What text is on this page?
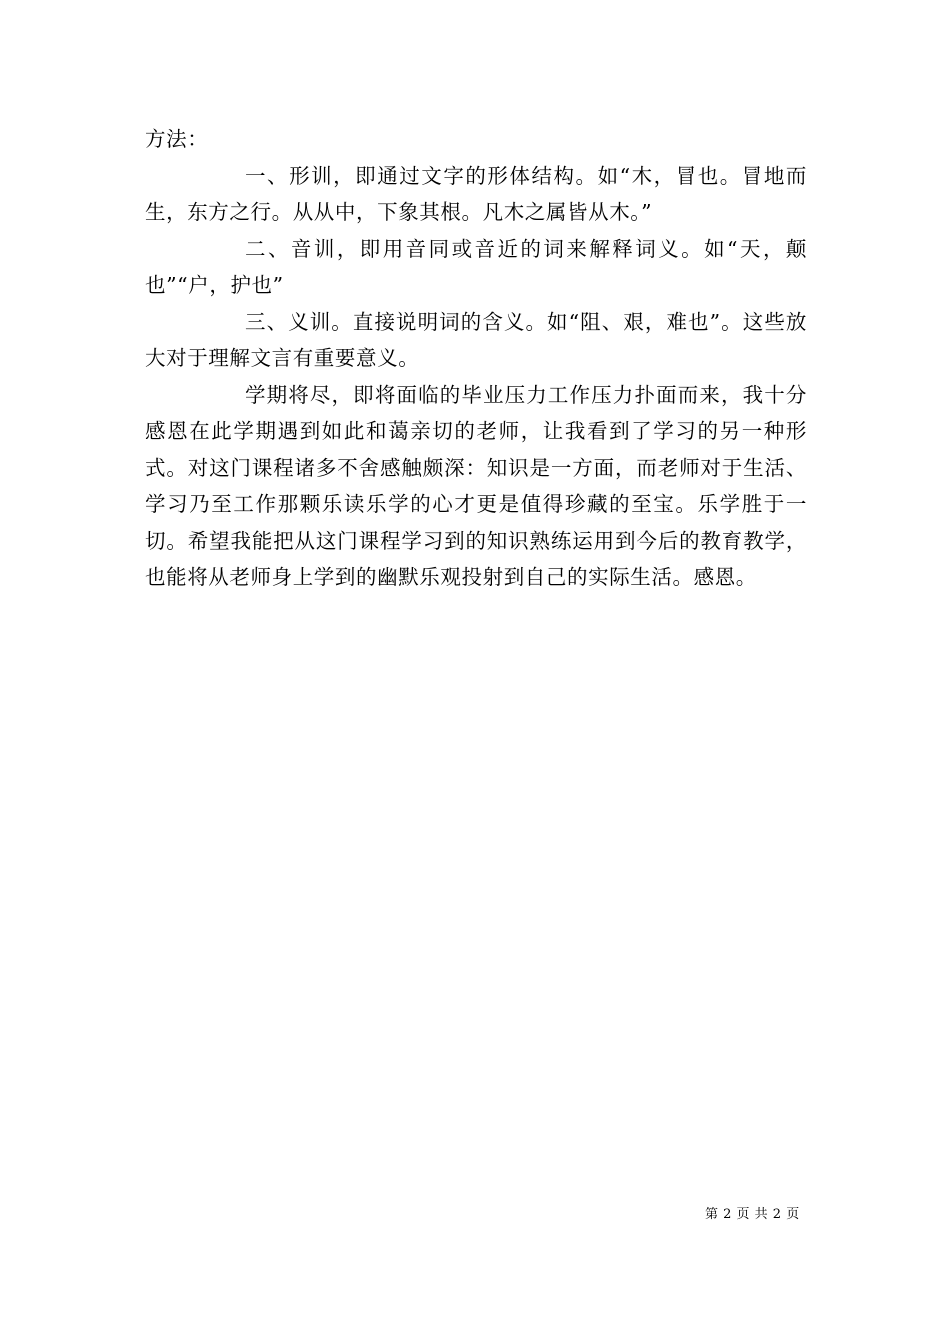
方法：

一、形训，即通过文字的形体结构。如“木，冒也。冒地而生，东方之行。从从中，下象其根。凡木之属皆从木。”

二、音训，即用音同或音近的词来解释词义。如“天，颠也”“户，护也”

三、义训。直接说明词的含义。如“阻、艰，难也”。这些放大对于理解文言有重要意义。

学期将尽，即将面临的毕业压力工作压力扑面而来，我十分感恩在此学期遇到如此和蔼亲切的老师，让我看到了学习的另一种形式。对这门课程诸多不舍感触颇深：知识是一方面，而老师对于生活、学习乃至工作那颗乐读乐学的心才更是值得珍藏的至宝。乐学胜于一切。希望我能把从这门课程学习到的知识熟练运用到今后的教育教学，也能将从老师身上学到的幽默乐观投射到自己的实际生活。感恩。

第 2 页 共 2 页
